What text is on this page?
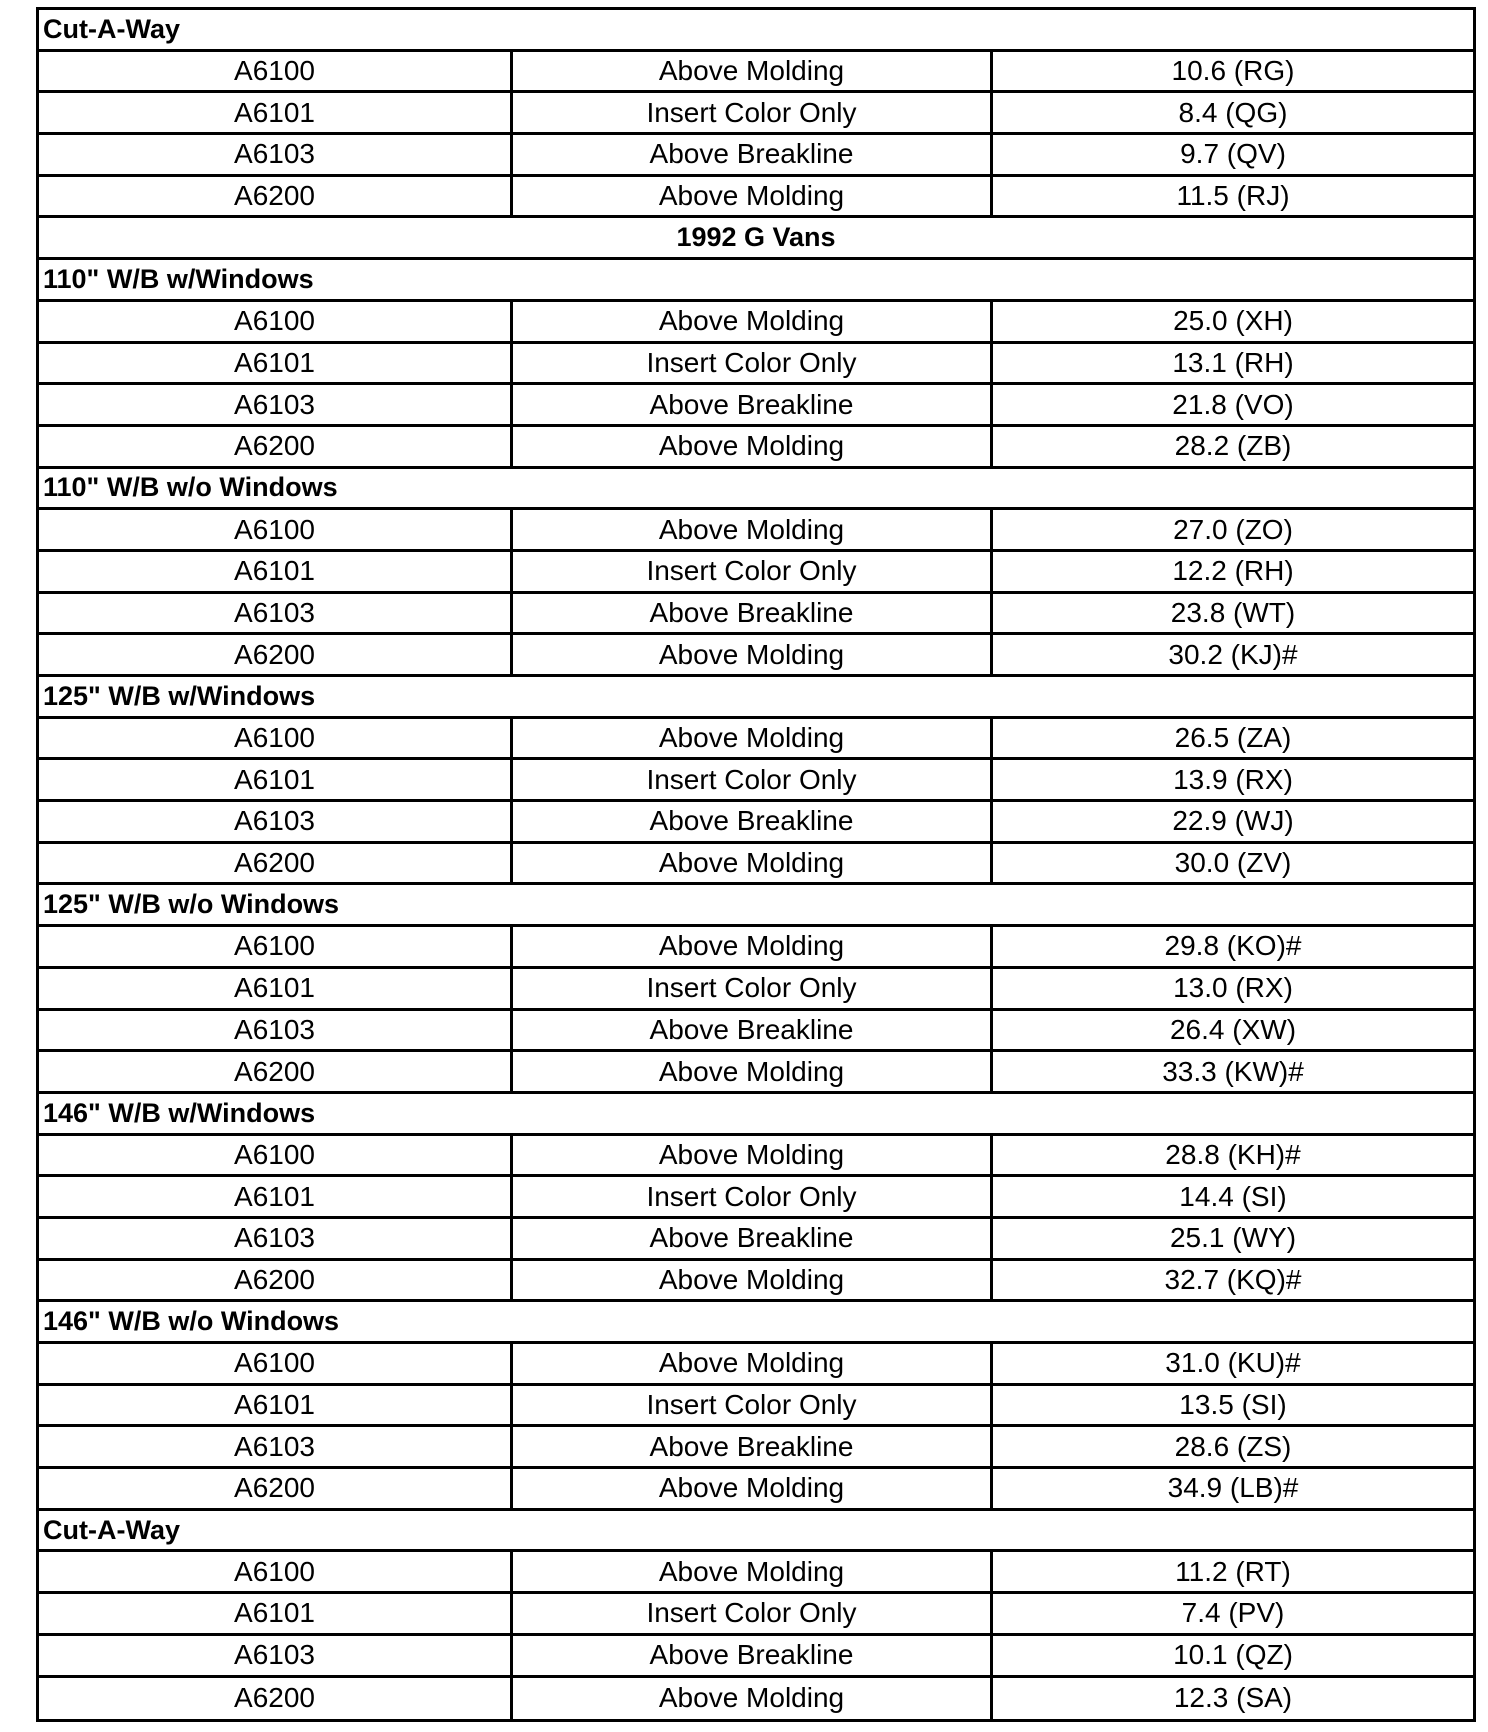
Cut-A-Way
A6100	Above Molding	10.6 (RG)
A6101	Insert Color Only	8.4 (QG)
A6103	Above Breakline	9.7 (QV)
A6200	Above Molding	11.5 (RJ)
1992 G Vans
110" W/B w/Windows
A6100	Above Molding	25.0 (XH)
A6101	Insert Color Only	13.1 (RH)
A6103	Above Breakline	21.8 (VO)
A6200	Above Molding	28.2 (ZB)
110" W/B w/o Windows
A6100	Above Molding	27.0 (ZO)
A6101	Insert Color Only	12.2 (RH)
A6103	Above Breakline	23.8 (WT)
A6200	Above Molding	30.2 (KJ)#
125" W/B w/Windows
A6100	Above Molding	26.5 (ZA)
A6101	Insert Color Only	13.9 (RX)
A6103	Above Breakline	22.9 (WJ)
A6200	Above Molding	30.0 (ZV)
125" W/B w/o Windows
A6100	Above Molding	29.8 (KO)#
A6101	Insert Color Only	13.0 (RX)
A6103	Above Breakline	26.4 (XW)
A6200	Above Molding	33.3 (KW)#
146" W/B w/Windows
A6100	Above Molding	28.8 (KH)#
A6101	Insert Color Only	14.4 (SI)
A6103	Above Breakline	25.1 (WY)
A6200	Above Molding	32.7 (KQ)#
146" W/B w/o Windows
A6100	Above Molding	31.0 (KU)#
A6101	Insert Color Only	13.5 (SI)
A6103	Above Breakline	28.6 (ZS)
A6200	Above Molding	34.9 (LB)#
Cut-A-Way
A6100	Above Molding	11.2 (RT)
A6101	Insert Color Only	7.4 (PV)
A6103	Above Breakline	10.1 (QZ)
A6200	Above Molding	12.3 (SA)
